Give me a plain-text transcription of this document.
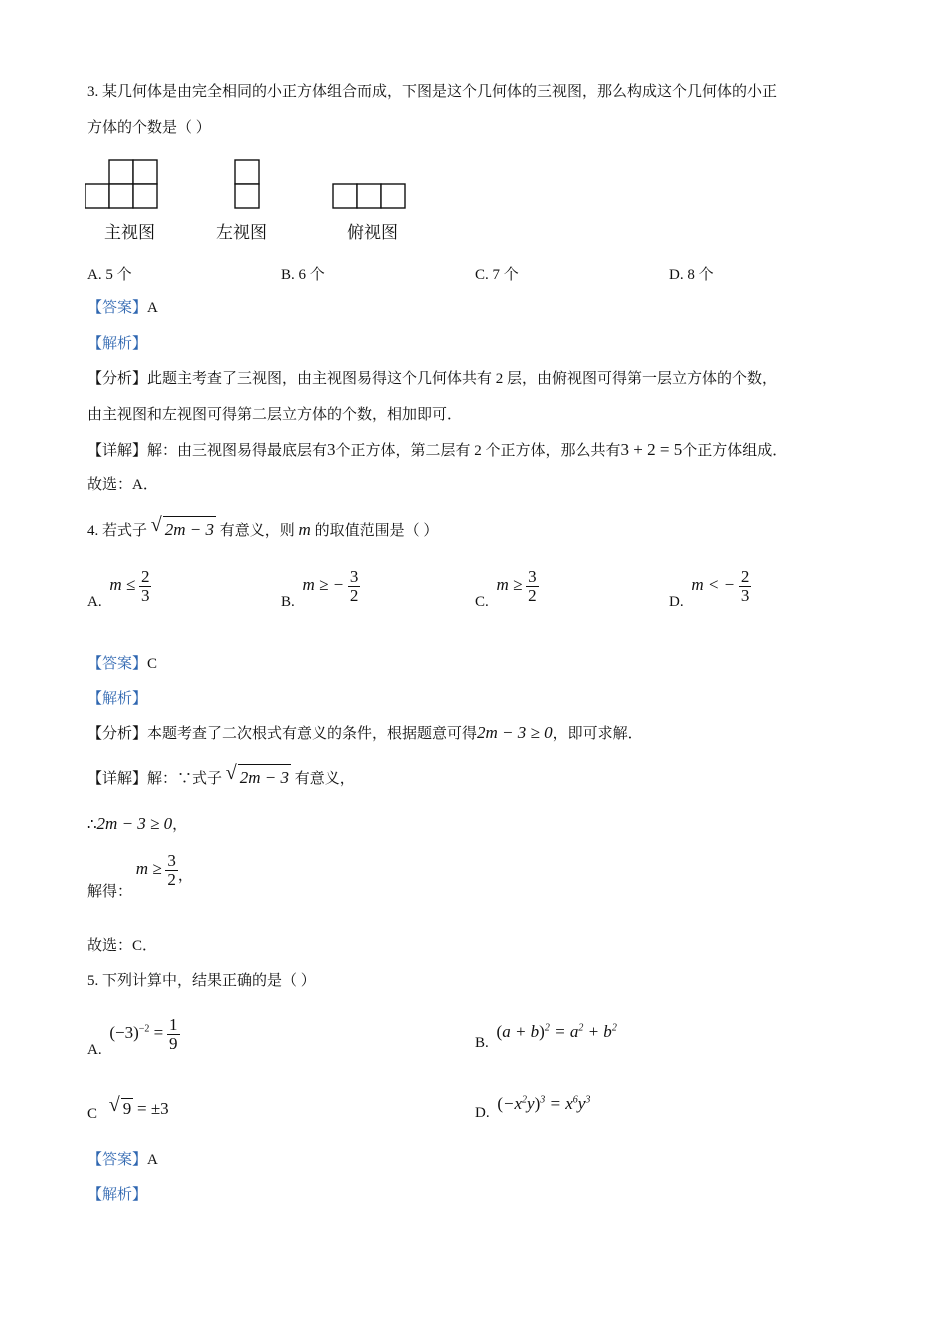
3. 某几何体是由完全相同的小正方体组合而成，下图是这个几何体的三视图，那么构成这个几何体的小正
方体的个数是（ ）
主视图	左视图	俯视图
A. 5 个	B. 6 个	C. 7 个	D. 8 个
【答案】A
【解析】
【分析】此题主考查了三视图，由主视图易得这个几何体共有 2 层，由俯视图可得第一层立方体的个数，
由主视图和左视图可得第二层立方体的个数，相加即可．
【详解】解：由三视图易得最底层有3个正方体，第二层有 2 个正方体，那么共有3 + 2 = 5个正方体组成．
故选：A．
4. 若式子 √ 2m − 3 有意义，则 m 的取值范围是（ ）
A. $m \le \frac{2}{3}$	B. m ≥ − $\frac{3}{2}$	C. $m \ge \frac{3}{2}$	D. m < − $\frac{2}{3}$
【答案】C
【解析】
【分析】本题考查了二次根式有意义的条件，根据题意可得2m − 3 ≥ 0，即可求解．
【详解】解：∵式子 √ 2m − 3 有意义，
∴2m − 3 ≥ 0，
解得： $m \ge \frac{3}{2}$ ，
故选：C．
5. 下列计算中，结果正确的是（ ）
A. $(-3)^{-2} = \frac{1}{9}$	B. $(a + b)^2 = a^2 + b^2$
C √ 9 = ±3	D. $(-x^2y)^3 = x^6y^3$
【答案】A
【解析】
